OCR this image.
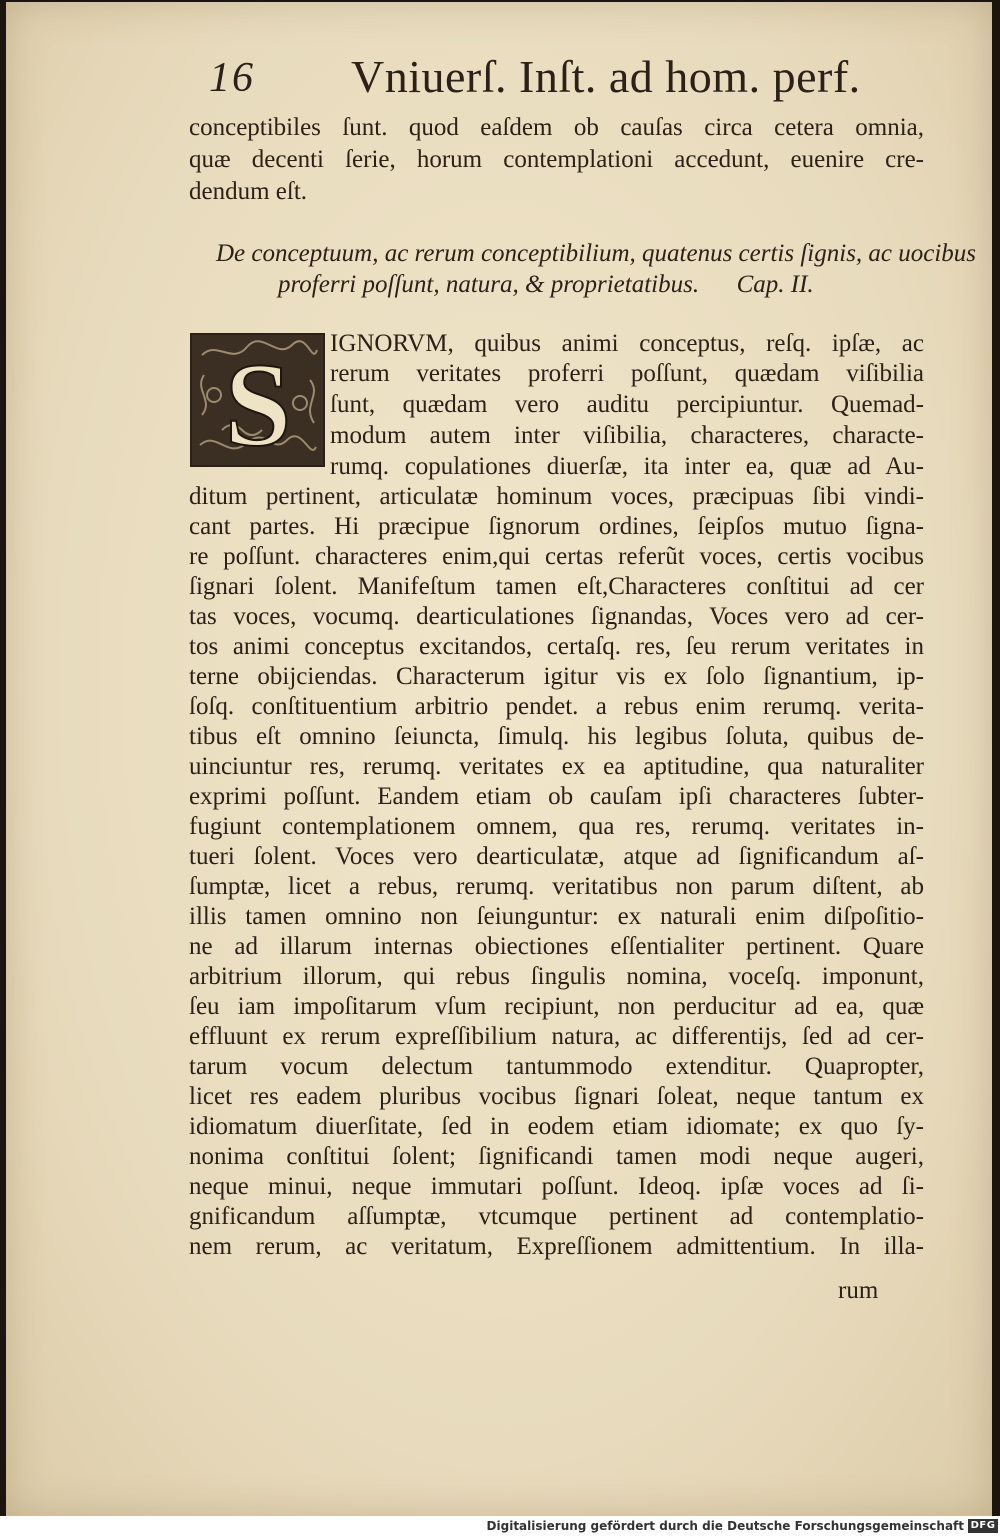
16 Vniuerſ. Inſt. ad hom. perf.
conceptibiles ſunt. quod eaſdem ob cauſas circa cetera omnia,
quæ decenti ſerie, horum contemplationi accedunt, euenire cre-
dendum eſt.
De conceptuum, ac rerum conceptibilium, quatenus certis ſignis, ac uocibus
proferri poſſunt, natura, & proprietatibus.      Cap. II.
S IGNORVM, quibus animi conceptus, reſq. ipſæ, ac
rerum veritates proferri poſſunt, quædam viſibilia
ſunt, quædam vero auditu percipiuntur. Quemad-
modum autem inter viſibilia, characteres, characte-
rumq. copulationes diuerſæ, ita inter ea, quæ ad Au-
ditum pertinent, articulatæ hominum voces, præcipuas ſibi vindi-
cant partes. Hi præcipue ſignorum ordines, ſeipſos mutuo ſigna-
re poſſunt. characteres enim,qui certas referũt voces, certis vocibus
ſignari ſolent. Manifeſtum tamen eſt,Characteres conſtitui ad cer
tas voces, vocumq. dearticulationes ſignandas, Voces vero ad cer-
tos animi conceptus excitandos, certaſq. res, ſeu rerum veritates in
terne obijciendas. Characterum igitur vis ex ſolo ſignantium, ip-
ſoſq. conſtituentium arbitrio pendet. a rebus enim rerumq. verita-
tibus eſt omnino ſeiuncta, ſimulq. his legibus ſoluta, quibus de-
uinciuntur res, rerumq. veritates ex ea aptitudine, qua naturaliter
exprimi poſſunt. Eandem etiam ob cauſam ipſi characteres ſubter-
fugiunt contemplationem omnem, qua res, rerumq. veritates in-
tueri ſolent. Voces vero dearticulatæ, atque ad ſignificandum aſ-
ſumptæ, licet a rebus, rerumq. veritatibus non parum diſtent, ab
illis tamen omnino non ſeiunguntur: ex naturali enim diſpoſitio-
ne ad illarum internas obiectiones eſſentialiter pertinent. Quare
arbitrium illorum, qui rebus ſingulis nomina, voceſq. imponunt,
ſeu iam impoſitarum vſum recipiunt, non perducitur ad ea, quæ
effluunt ex rerum expreſſibilium natura, ac differentijs, ſed ad cer-
tarum vocum delectum tantummodo extenditur. Quapropter,
licet res eadem pluribus vocibus ſignari ſoleat, neque tantum ex
idiomatum diuerſitate, ſed in eodem etiam idiomate; ex quo ſy-
nonima conſtitui ſolent; ſignificandi tamen modi neque augeri,
neque minui, neque immutari poſſunt. Ideoq. ipſæ voces ad ſi-
gnificandum aſſumptæ, vtcumque pertinent ad contemplatio-
nem rerum, ac veritatum, Expreſſionem admittentium. In illa-
rum
Digitalisierung gefördert durch die Deutsche Forschungsgemeinschaft DFG
